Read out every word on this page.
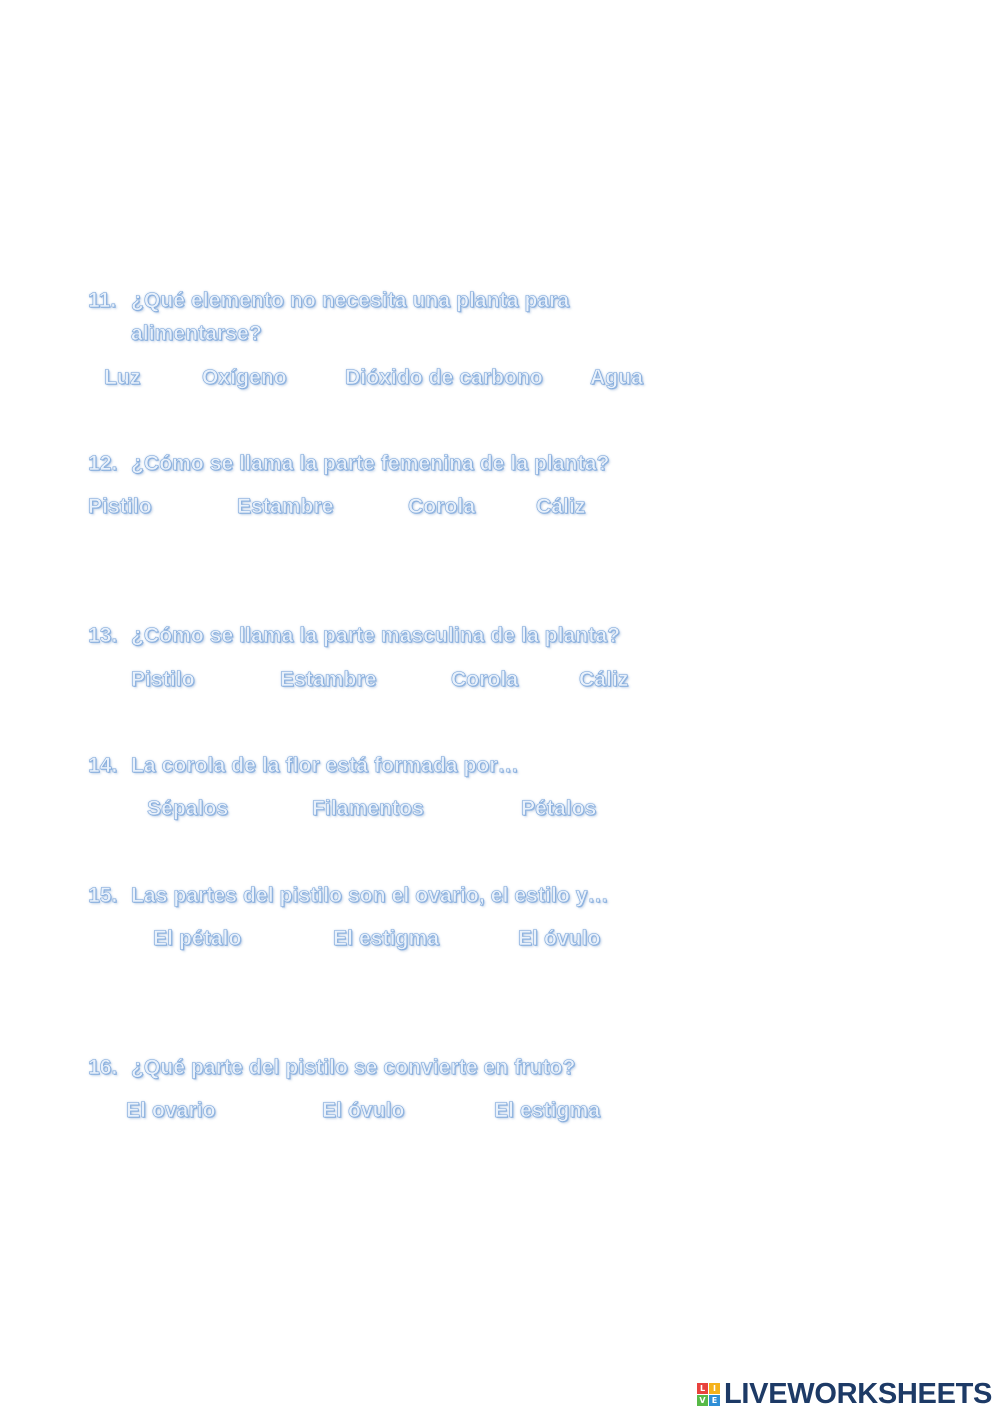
11. ¿Qué elemento no necesita una planta para
alimentarse?
Luz	Oxígeno	Dióxido de carbono Agua
12. ¿Cómo se llama la parte femenina de la planta?
Pistilo	Estambre	Corola	Cáliz
13. ¿Cómo se llama la parte masculina de la planta?
Pistilo	Estambre	Corola	Cáliz
14. La corola de la flor está formada por…
Sépalos	Filamentos	Pétalos
15. Las partes del pistilo son el ovario, el estilo y…
El pétalo	El estigma	El óvulo
16. ¿Qué parte del pistilo se convierte en fruto?
El ovario	El óvulo	El estigma
L I
V E LIVEWORKSHEETS
